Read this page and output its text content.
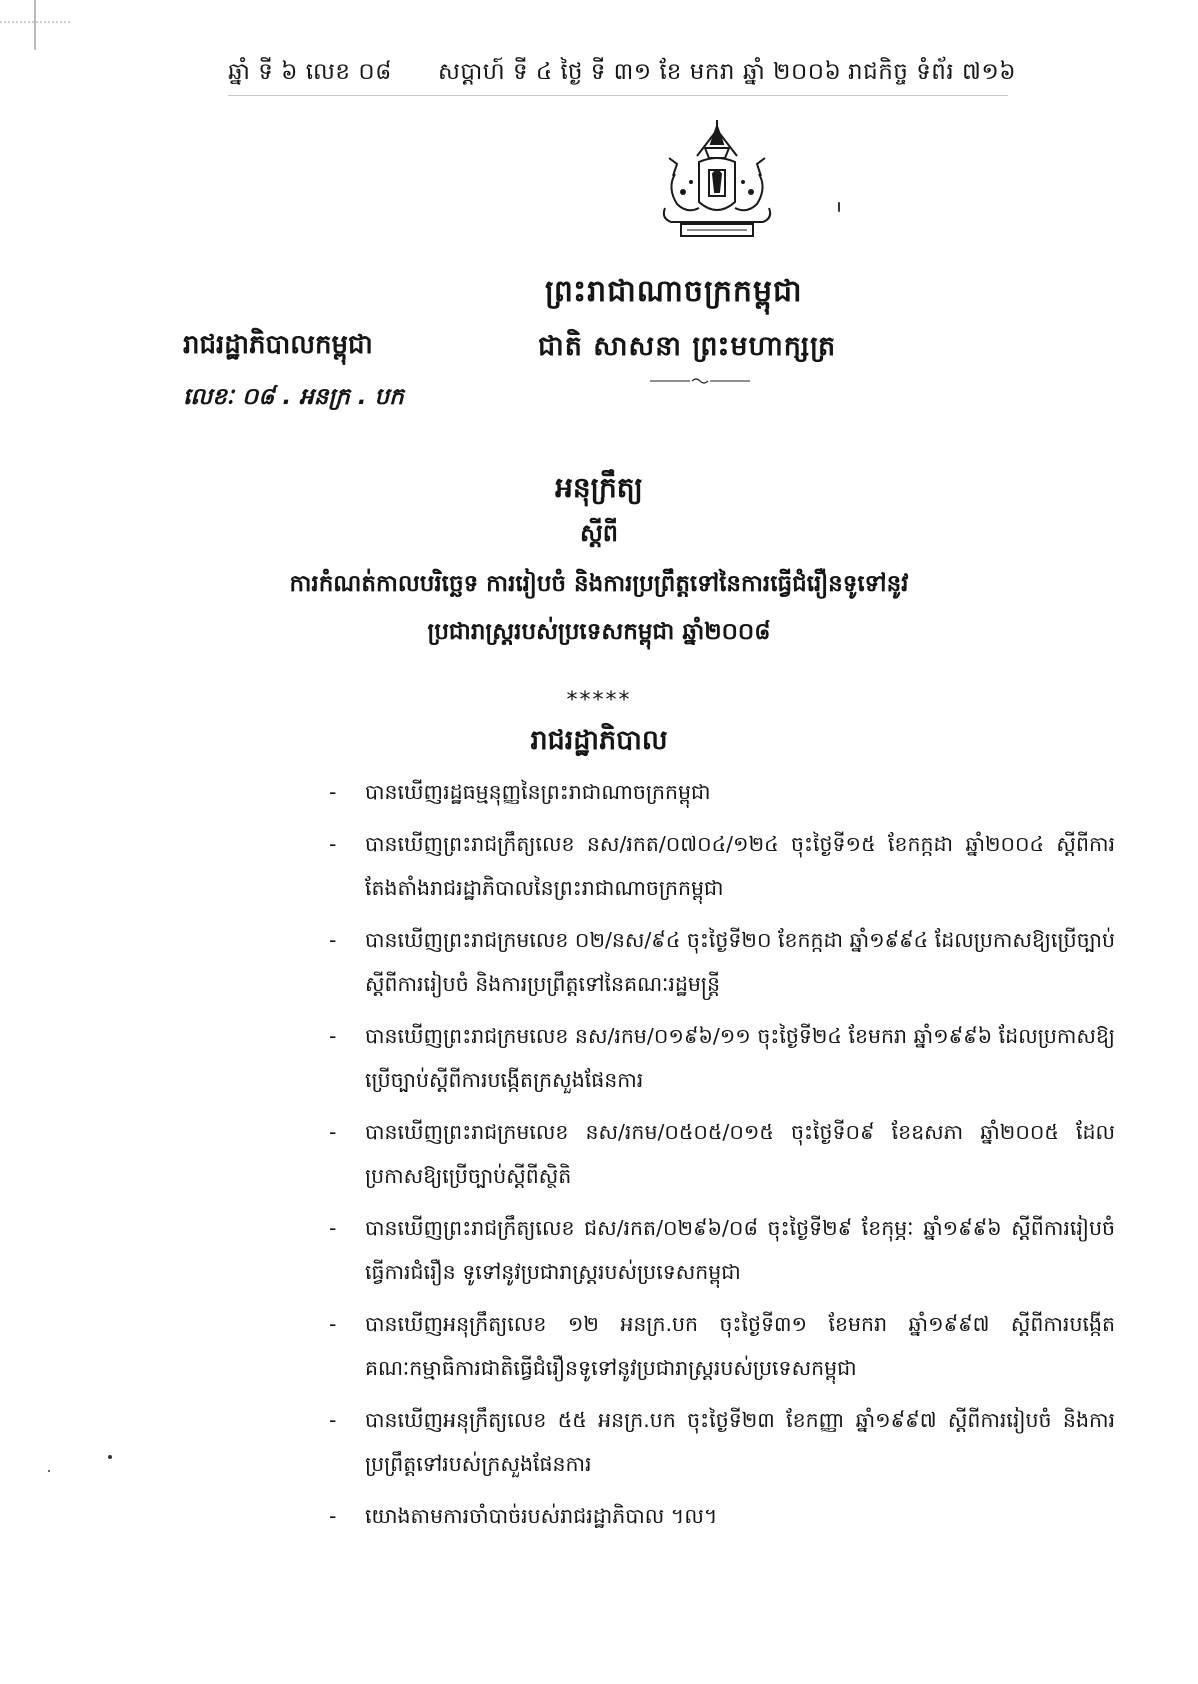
ឆ្នាំ ទី ៦ លេខ ០៨ សប្ដាហ៍ ទី ៤ ថ្ងៃ ទី ៣១ ខែ មករា ឆ្នាំ ២០០៦ រាជកិច្ច ទំព័រ ៧១៦
ព្រះរាជាណាចក្រកម្ពុជា
ជាតិ សាសនា ព្រះមហាក្សត្រ
រាជរដ្ឋាភិបាលកម្ពុជា
លេខៈ ០៨ . អនក្រ . បក
អនុក្រឹត្យ
ស្ដីពី
ការកំណត់កាលបរិច្ឆេទ ការរៀបចំ និងការប្រព្រឹត្តទៅនៃការធ្វើជំរឿនទូទៅនូវ
ប្រជារាស្ត្ររបស់ប្រទេសកម្ពុជា ឆ្នាំ២០០៨
*****
រាជរដ្ឋាភិបាល
- បានឃើញរដ្ឋធម្មនុញ្ញនៃព្រះរាជាណាចក្រកម្ពុជា
- បានឃើញព្រះរាជក្រឹត្យលេខ នស/រកត/០៧០៤/១២៤ ចុះថ្ងៃទី១៥ ខែកក្កដា ឆ្នាំ២០០៤ ស្ដីពីការតែងតាំងរាជរដ្ឋាភិបាលនៃព្រះរាជាណាចក្រកម្ពុជា
- បានឃើញព្រះរាជក្រមលេខ ០២/នស/៩៤ ចុះថ្ងៃទី២០ ខែកក្កដា ឆ្នាំ១៩៩៤ ដែលប្រកាសឱ្យប្រើច្បាប់ស្ដីពីការរៀបចំ និងការប្រព្រឹត្តទៅនៃគណៈរដ្ឋមន្ត្រី
- បានឃើញព្រះរាជក្រមលេខ នស/រកម/០១៩៦/១១ ចុះថ្ងៃទី២៤ ខែមករា ឆ្នាំ១៩៩៦ ដែលប្រកាសឱ្យប្រើច្បាប់ស្ដីពីការបង្កើតក្រសួងផែនការ
- បានឃើញព្រះរាជក្រមលេខ នស/រកម/០៥០៥/០១៥ ចុះថ្ងៃទី០៩ ខែឧសភា ឆ្នាំ២០០៥ ដែលប្រកាសឱ្យប្រើច្បាប់ស្ដីពីស្ថិតិ
- បានឃើញព្រះរាជក្រឹត្យលេខ ជស/រកត/០២៩៦/០៨ ចុះថ្ងៃទី២៩ ខែកុម្ភៈ ឆ្នាំ១៩៩៦ ស្ដីពីការរៀបចំធ្វើការជំរឿន ទូទៅនូវប្រជារាស្ត្ររបស់ប្រទេសកម្ពុជា
- បានឃើញអនុក្រឹត្យលេខ ១២ អនក្រ.បក ចុះថ្ងៃទី៣១ ខែមករា ឆ្នាំ១៩៩៧ ស្ដីពីការបង្កើតគណៈកម្មាធិការជាតិធ្វើជំរឿនទូទៅនូវប្រជារាស្ត្ររបស់ប្រទេសកម្ពុជា
- បានឃើញអនុក្រឹត្យលេខ ៥៥ អនក្រ.បក ចុះថ្ងៃទី២៣ ខែកញ្ញា ឆ្នាំ១៩៩៧ ស្ដីពីការរៀបចំ និងការប្រព្រឹត្តទៅរបស់ក្រសួងផែនការ
- យោងតាមការចាំបាច់របស់រាជរដ្ឋាភិបាល ។ល។
